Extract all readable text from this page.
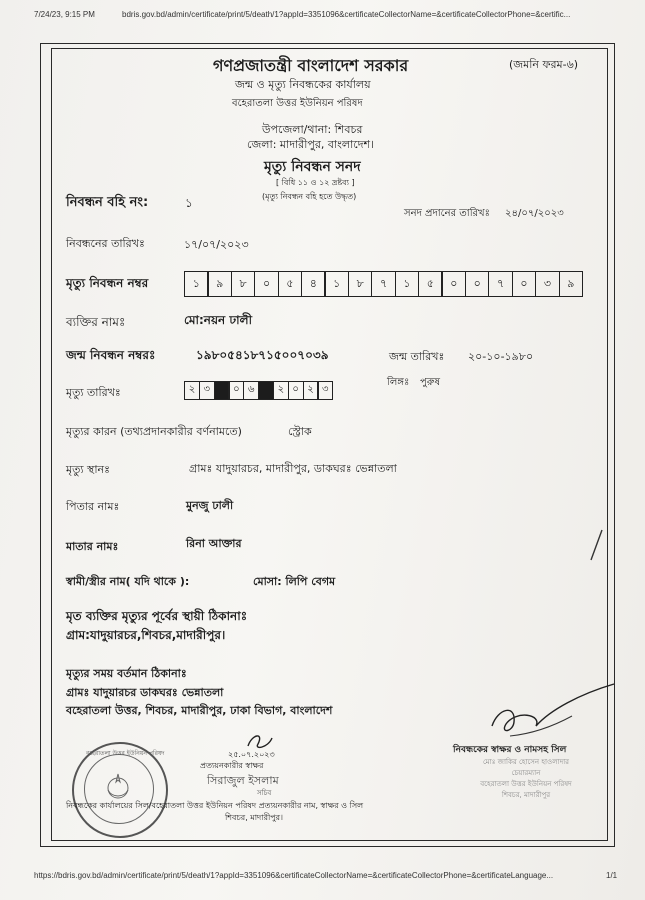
7/24/23, 9:15 PM	bdris.gov.bd/admin/certificate/print/5/death/1?appId=3351096&certificateCollectorName=&certificateCollectorPhone=&certific...
গণপ্রজাতন্ত্রী বাংলাদেশ সরকার	(জমনি ফরম-৬)
জন্ম ও মৃত্যু নিবন্ধকের কার্যালয়
বহেরাতলা উত্তর ইউনিয়ন পরিষদ
উপজেলা/থানা: শিবচর
জেলা: মাদারীপুর, বাংলাদেশ।
মৃত্যু নিবন্ধন সনদ
[ বিধি ১১ ও ১২ দ্রষ্টব্য ]
(মৃত্যু নিবন্ধন বহি হতে উদ্ধৃত)
নিবন্ধন বহি নং:	১
সনদ প্রদানের তারিখঃ ২৪/০৭/২০২৩
নিবন্ধনের তারিখঃ	১৭/০৭/২০২৩
মৃত্যু নিবন্ধন নম্বর	১	৯	৮	০	৫	৪	১	৮	৭	১	৫	০	০	৭	০	৩	৯
ব্যক্তির নামঃ	মো:নয়ন ঢালী
জন্ম নিবন্ধন নম্বরঃ	১৯৮০৫৪১৮৭১৫০০৭০৩৯	জন্ম তারিখঃ ২০-১০-১৯৮০
লিঙ্গঃ পুরুষ
মৃত্যু তারিখঃ	২ ৩	০ ৬	২ ০ ২ ৩
মৃত্যুর কারন (তথ্যপ্রদানকারীর বর্ণনামতে)	স্ট্রোক
মৃত্যু স্থানঃ	গ্রামঃ যাদুয়ারচর, মাদারীপুর, ডাকঘরঃ ভেন্নাতলা
পিতার নামঃ	মুনজু ঢালী
মাতার নামঃ	রিনা আক্তার
স্বামী/স্ত্রীর নাম( যদি থাকে ):	মোসা: লিপি বেগম
মৃত ব্যক্তির মৃত্যুর পূর্বের স্থায়ী ঠিকানাঃ
গ্রাম:যাদুয়ারচর,শিবচর,মাদারীপুর।
মৃত্যুর সময় বর্তমান ঠিকানাঃ
গ্রামঃ যাদুয়ারচর ডাকঘরঃ ভেন্নাতলা
বহেরাতলা উত্তর, শিবচর, মাদারীপুর, ঢাকা বিভাগ, বাংলাদেশ
নিবন্ধকের স্বাক্ষর ও নামসহ সিল
মোঃ জাকির হোসেন হাওলাদার
চেয়ারম্যান
বহেরাতলা উত্তর ইউনিয়ন পরিষদ
শিবচর, মাদারীপুর
২৫.০৭.২০২৩
প্রত্যয়নকারীর স্বাক্ষর
সিরাজুল ইসলাম
সচিব
বহেরাতলা উত্তর ইউনিয়ন পরিষদ
নিবন্ধকের কার্যালয়ের সিল/বহেরাতলা উত্তর ইউনিয়ন পরিষদ প্রত্যয়নকারীর নাম, স্বাক্ষর ও সিল
শিবচর, মাদারীপুর।
https://bdris.gov.bd/admin/certificate/print/5/death/1?appId=3351096&certificateCollectorName=&certificateCollectorPhone=&certificateLanguage...	1/1
